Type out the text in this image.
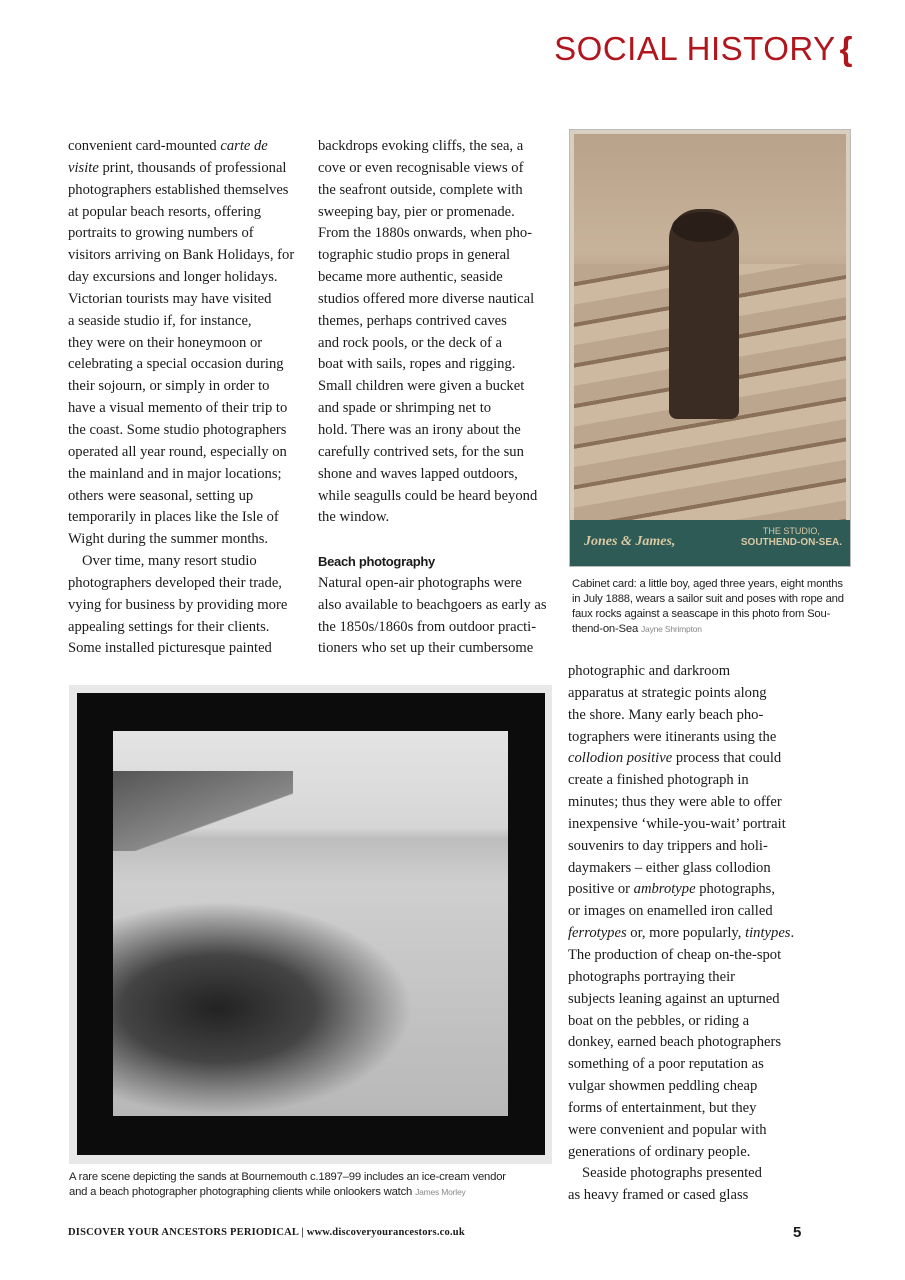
SOCIAL HISTORY {
convenient card-mounted carte de
visite print, thousands of professional
photographers established themselves
at popular beach resorts, offering
portraits to growing numbers of
visitors arriving on Bank Holidays, for
day excursions and longer holidays.
Victorian tourists may have visited
a seaside studio if, for instance,
they were on their honeymoon or
celebrating a special occasion during
their sojourn, or simply in order to
have a visual memento of their trip to
the coast. Some studio photographers
operated all year round, especially on
the mainland and in major locations;
others were seasonal, setting up
temporarily in places like the Isle of
Wight during the summer months.
Over time, many resort studio
photographers developed their trade,
vying for business by providing more
appealing settings for their clients.
Some installed picturesque painted
backdrops evoking cliffs, the sea, a
cove or even recognisable views of
the seafront outside, complete with
sweeping bay, pier or promenade.
From the 1880s onwards, when pho-
tographic studio props in general
became more authentic, seaside
studios offered more diverse nautical
themes, perhaps contrived caves
and rock pools, or the deck of a
boat with sails, ropes and rigging.
Small children were given a bucket
and spade or shrimping net to
hold. There was an irony about the
carefully contrived sets, for the sun
shone and waves lapped outdoors,
while seagulls could be heard beyond
the window.

Beach photography
Natural open-air photographs were
also available to beachgoers as early as
the 1850s/1860s from outdoor practi-
tioners who set up their cumbersome
photographic and darkroom
apparatus at strategic points along
the shore. Many early beach pho-
tographers were itinerants using the
collodion positive process that could
create a finished photograph in
minutes; thus they were able to offer
inexpensive ‘while-you-wait’ portrait
souvenirs to day trippers and holi-
daymakers – either glass collodion
positive or ambrotype photographs,
or images on enamelled iron called
ferrotypes or, more popularly, tintypes.
The production of cheap on-the-spot
photographs portraying their
subjects leaning against an upturned
boat on the pebbles, or riding a
donkey, earned beach photographers
something of a poor reputation as
vulgar showmen peddling cheap
forms of entertainment, but they
were convenient and popular with
generations of ordinary people.
Seaside photographs presented
as heavy framed or cased glass
Jones & James,
THE STUDIO,
SOUTHEND-ON-SEA.
Cabinet card: a little boy, aged three years, eight months
in July 1888, wears a sailor suit and poses with rope and
faux rocks against a seascape in this photo from Sou-
thend-on-Sea Jayne Shrimpton
A rare scene depicting the sands at Bournemouth c.1897–99 includes an ice-cream vendor
and a beach photographer photographing clients while onlookers watch James Morley
DISCOVER YOUR ANCESTORS PERIODICAL | www.discoveryourancestors.co.uk	5
